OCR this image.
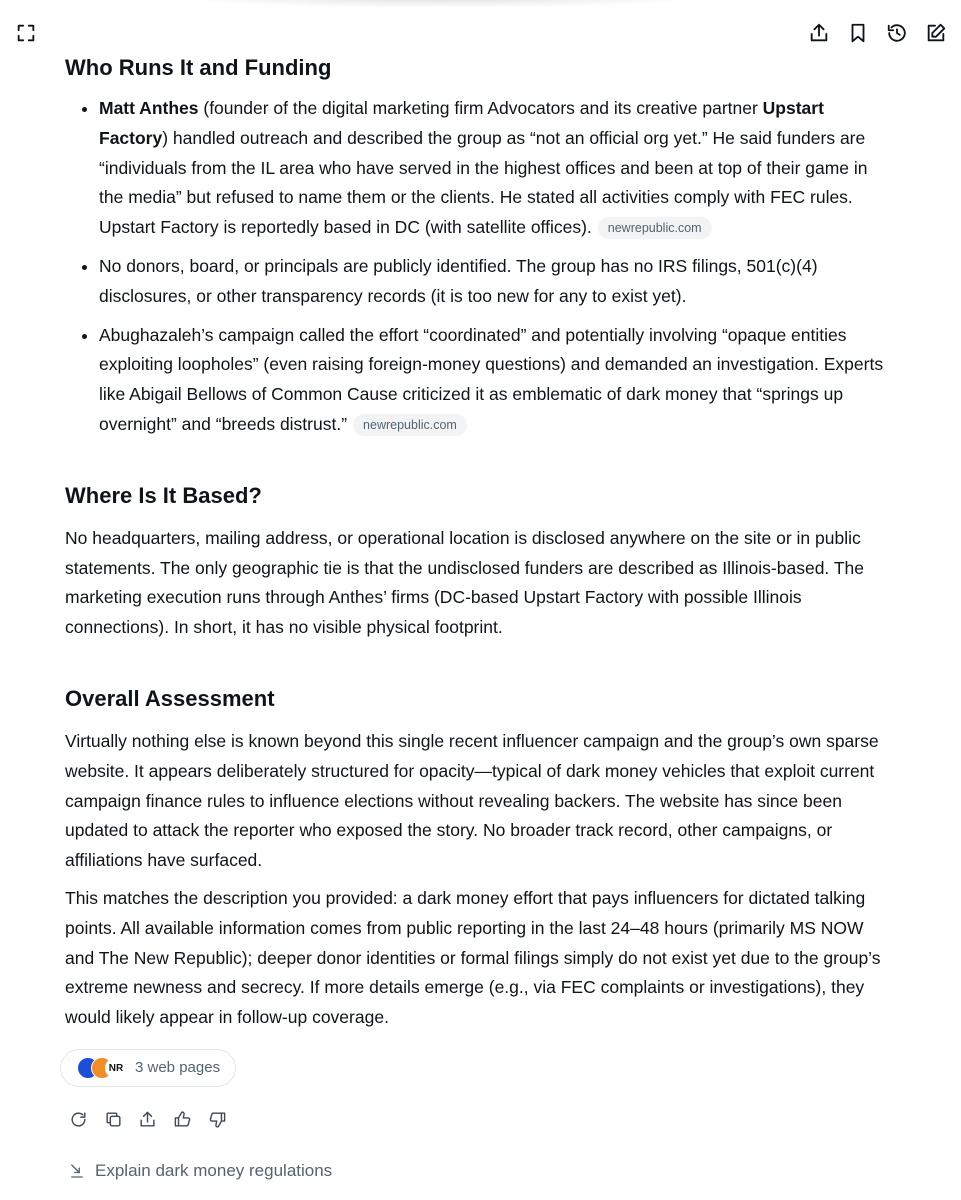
Who Runs It and Funding
• Matt Anthes (founder of the digital marketing firm Advocators and its creative partner Upstart Factory) handled outreach and described the group as “not an official org yet.” He said funders are “individuals from the IL area who have served in the highest offices and been at top of their game in the media” but refused to name them or the clients. He stated all activities comply with FEC rules. Upstart Factory is reportedly based in DC (with satellite offices). newrepublic.com
• No donors, board, or principals are publicly identified. The group has no IRS filings, 501(c)(4) disclosures, or other transparency records (it is too new for any to exist yet).
• Abughazaleh’s campaign called the effort “coordinated” and potentially involving “opaque entities exploiting loopholes” (even raising foreign-money questions) and demanded an investigation. Experts like Abigail Bellows of Common Cause criticized it as emblematic of dark money that “springs up overnight” and “breeds distrust.” newrepublic.com
Where Is It Based?

No headquarters, mailing address, or operational location is disclosed anywhere on the site or in public statements. The only geographic tie is that the undisclosed funders are described as Illinois-based. The marketing execution runs through Anthes’ firms (DC-based Upstart Factory with possible Illinois connections). In short, it has no visible physical footprint.

Overall Assessment

Virtually nothing else is known beyond this single recent influencer campaign and the group’s own sparse website. It appears deliberately structured for opacity—typical of dark money vehicles that exploit current campaign finance rules to influence elections without revealing backers. The website has since been updated to attack the reporter who exposed the story. No broader track record, other campaigns, or affiliations have surfaced.

This matches the description you provided: a dark money effort that pays influencers for dictated talking points. All available information comes from public reporting in the last 24–48 hours (primarily MS NOW and The New Republic); deeper donor identities or formal filings simply do not exist yet due to the group’s extreme newness and secrecy. If more details emerge (e.g., via FEC complaints or investigations), they would likely appear in follow-up coverage.

NR 3 web pages
Explain dark money regulations
